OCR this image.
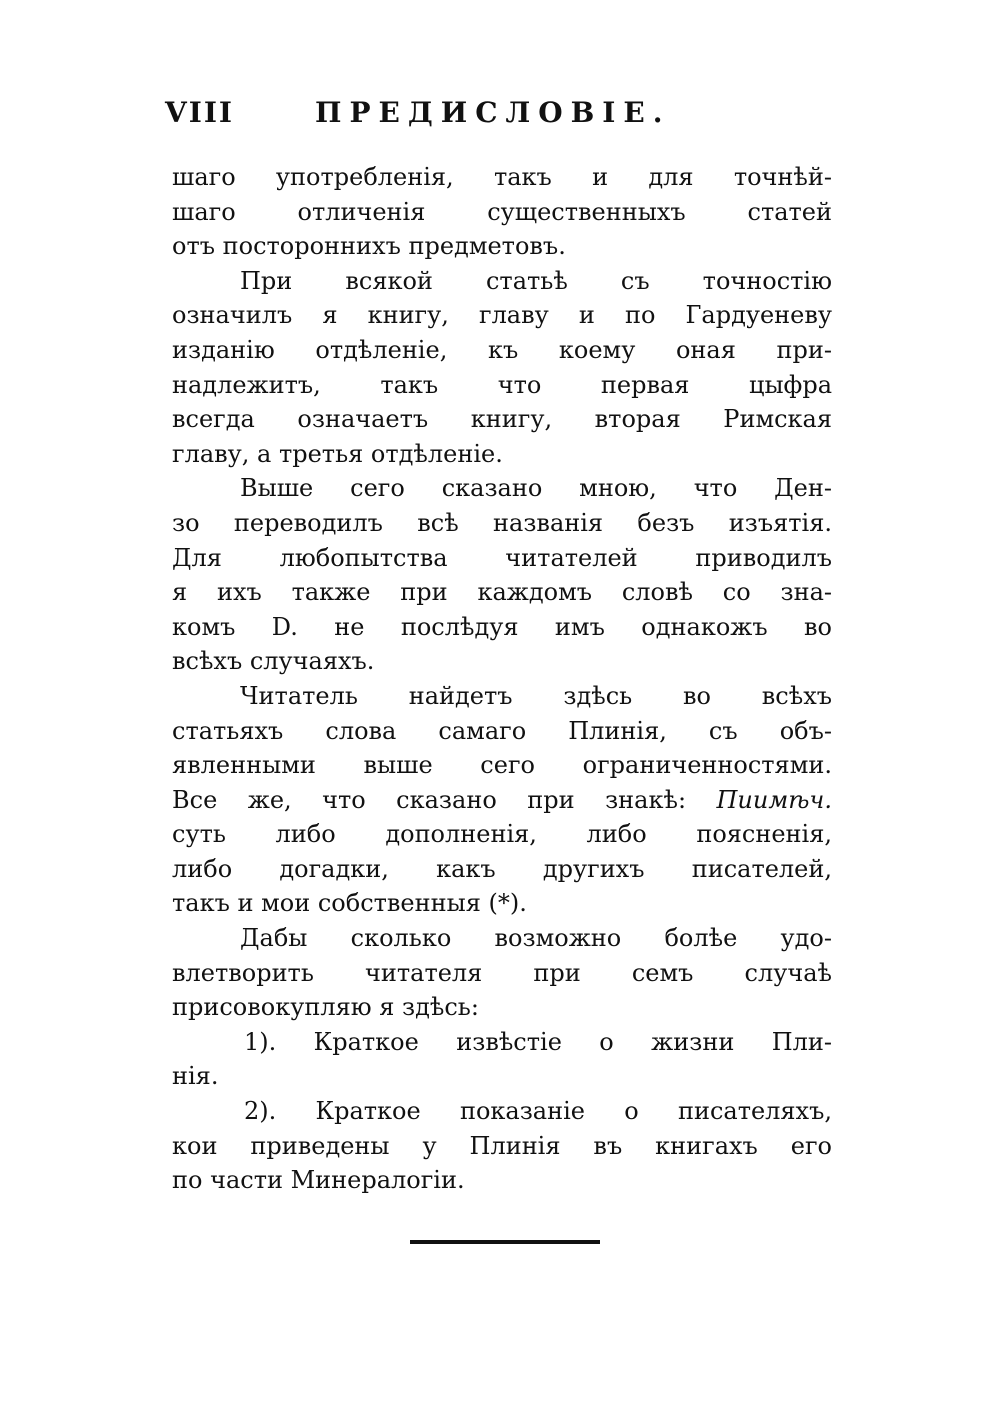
VIII	ПРЕДИСЛОВIЕ.
шаго употребленiя, такъ и для точнѣй-
шаго отличенiя существенныхъ статей
отъ постороннихъ предметовъ.
При всякой статьѣ съ точностiю
означилъ я книгу, главу и по Гардуеневу
изданiю отдѣленiе, къ коему оная при-
надлежитъ, такъ что первая цыфра
всегда означаетъ книгу, вторая Римская
главу, а третья отдѣленiе.
Выше сего сказано мною, что Ден-
зо переводилъ всѣ названiя безъ изъятiя.
Для любопытства читателей приводилъ
я ихъ также при каждомъ словѣ со зна-
комъ D. не послѣдуя имъ однакожъ во
всѣхъ случаяхъ.
Читатель найдетъ здѣсь во всѣхъ
статьяхъ слова самаго Плинiя, съ объ-
явленными выше сего ограниченностями.
Все же, что сказано при знакѣ: Пиимѣч.
суть либо дополненiя, либо поясненiя,
либо догадки, какъ другихъ писателей,
такъ и мои собственныя (*).
Дабы сколько возможно болѣе удо-
влетворить читателя при семъ случаѣ
присовокупляю я здѣсь:
1). Краткое извѣстiе о жизни Пли-
нiя.
2). Краткое показанiе о писателяхъ,
кои приведены у Плинiя въ книгахъ его
по части Минералогiи.
